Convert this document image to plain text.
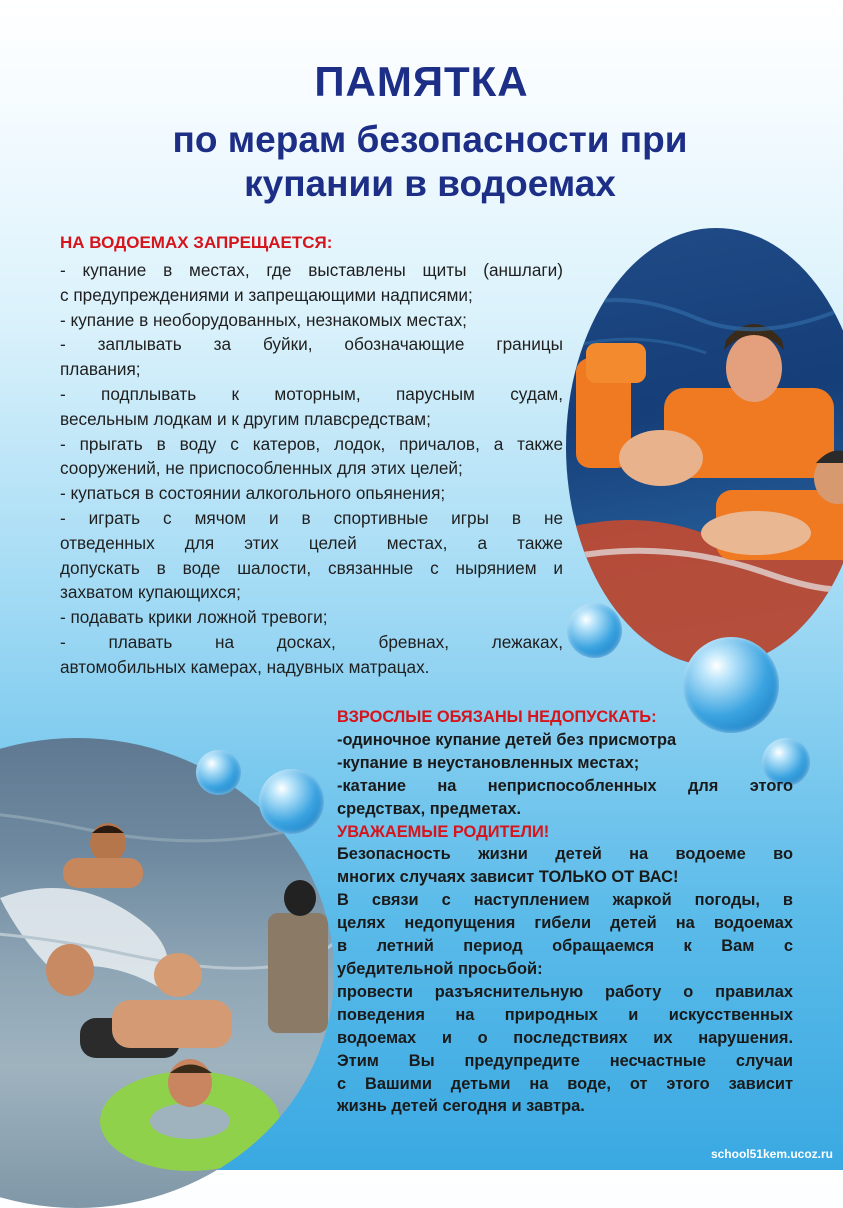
ПАМЯТКА
по мерам безопасности при
купании в водоемах
НА ВОДОЕМАХ ЗАПРЕЩАЕТСЯ:
- купание в местах, где выставлены щиты (аншлаги)
с предупреждениями и запрещающими надписями;
- купание в необорудованных, незнакомых местах;
- заплывать за буйки, обозначающие границы
плавания;
- подплывать к моторным, парусным судам,
весельным лодкам и к другим плавсредствам;
- прыгать в воду с катеров, лодок, причалов, а также
сооружений, не приспособленных для этих целей;
- купаться в состоянии алкогольного опьянения;
- играть с мячом и в спортивные игры в не
отведенных для этих целей местах, а также
допускать в воде шалости, связанные с нырянием и
захватом купающихся;
- подавать крики ложной тревоги;
- плавать на досках, бревнах, лежаках,
автомобильных камерах, надувных матрацах.
ВЗРОСЛЫЕ ОБЯЗАНЫ НЕДОПУСКАТЬ:
-одиночное купание детей без присмотра
-купание в неустановленных местах;
-катание на неприспособленных для этого
средствах, предметах.
УВАЖАЕМЫЕ РОДИТЕЛИ!
Безопасность жизни детей на водоеме во
многих случаях зависит ТОЛЬКО ОТ ВАС!
В связи с наступлением жаркой погоды, в
целях недопущения гибели детей на водоемах
в летний период обращаемся к Вам с
убедительной просьбой:
провести разъяснительную работу о правилах
поведения на природных и искусственных
водоемах и о последствиях их нарушения.
Этим Вы предупредите несчастные случаи
с Вашими детьми на воде, от этого зависит
жизнь детей сегодня и завтра.
school51kem.ucoz.ru
